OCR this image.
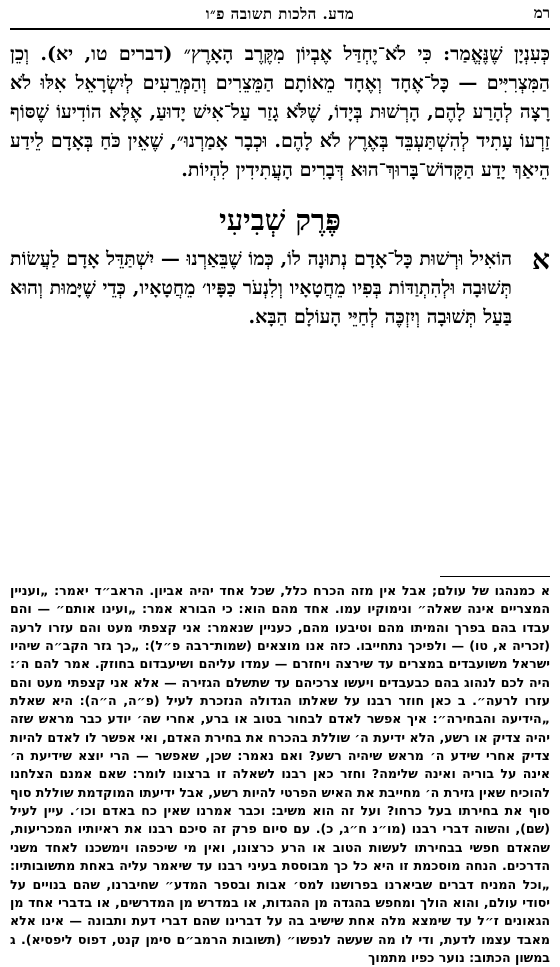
רמ
מדע. הלכות תשובה פ״ו

כְּעִנְיָן שֶׁנֶּאֱמַר: כִּי לֹא־יֶחְדַּל אֶבְיוֹן מִקֶּרֶב הָאָרֶץ״ (דברים טו, יא). וְכֵן הַמִּצְרִיִּים — כָּל־אֶחָד וְאֶחָד מֵאוֹתָם הַמֵּצֵרִים וְהַמְּרֵעִים לְיִשְׂרָאֵל אִלּוּ לֹא רָצָה לְהָרַע לָהֶם, הָרְשׁוּת בְּיָדוֹ, שֶׁלֹּא גָזַר עַל־אִישׁ יָדוּעַ, אֶלָּא הוֹדִיעוֹ שֶׁסּוֹף זַרְעוֹ עָתִיד לְהִשְׁתַּעְבֵּד בְּאֶרֶץ לֹא לָהֶם. וּכְבָר אָמַרְנוּ״, שֶׁאֵין כֹּחַ בְּאָדָם לֵידַע הֵיאַךְ יָדַע הַקָּדוֹשׁ־בָּרוּךְ־הוּא דְּבָרִים הָעֲתִידִין לִהְיוֹת.

פֶּרֶק שְׁבִיעִי
א

הוֹאִיל וּרְשׁוּת כָּל־אָדָם נְתוּנָה לוֹ, כְּמוֹ שֶׁבֵּאַרְנוּ — יִשְׁתַּדֵּל אָדָם לַעֲשׂוֹת תְּשׁוּבָה וּלְהִתְוַדּוֹת בְּפִיו מֵחֲטָאָיו וְלִנְעֹר כַּפָּיו׳ מֵחֲטָאָיו, כְּדֵי שֶׁיָּמוּת וְהוּא בַּעַל תְּשׁוּבָה וְיִזְכֶּה לְחַיֵּי הָעוֹלָם הַבָּא.

א כמנהגו של עולם; אבל אין מזה הכרח כלל, שכל אחד יהיה אביון. הראב״ד יאמר: „ועניין המצריים אינה שאלה״ ונימוקיו עמו. אחד מהם הוא: כי הבורא אמר: „ועינו אותם״ — והם עבדו בהם בפרך והמיתו מהם וטיבעו מהם, כעניין שנאמר: אני קצפתי מעט והם עזרו לרעה (זכריה א, טו) — ולפיכך נתחייבו. כזה אנו מוצאים (שמות־רבה פ״ל): „כך גזר הקב״ה שיהיו ישראל משועבדים במצרים עד שירצה ויחזרם — עמדו עליהם ושיעבדום בחוזק. אמר להם ה׳: היה לכם לנהוג בהם כבעבדים ויעשו צרכיהם עד שתשלם הגזירה — אלא אני קצפתי מעט והם עזרו לרעה״. ב כאן חוזר רבנו על שאלתו הגדולה הנזכרת לעיל (פ״ה, ה״ה): היא שאלת „הידיעה והבחירה״: איך אפשר לאדם לבחור בטוב או ברע, אחרי שה׳ יודע כבר מראש שזה יהיה צדיק או רשע, הלא ידיעת ה׳ שוללת בהכרח את בחירת האדם, ואי אפשר לו לאדם להיות צדיק אחרי שידע ה׳ מראש שיהיה רשע? ואם נאמר: שכן, שאפשר — הרי יוצא שידיעת ה׳ אינה על בוריה ואינה שלימה? וחזר כאן רבנו לשאלה זו ברצונו לומר: שאם אמנם הצלחנו להוכיח שאין גזירת ה׳ מחייבת את האיש הפרטי להיות רשע, אבל ידיעתו המוקדמת שוללת סוף סוף את בחירתו בעל כרחו? ועל זה הוא משיב: וכבר אמרנו שאין כח באדם וכו׳. עיין לעיל (שם), והשוה דברי רבנו (מו״נ ח״ג, כ). עם סיום פרק זה סיכם רבנו את ראיותיו המכריעות, שהאדם חפשי בבחירתו לעשות הטוב או הרע כרצונו, ואין מי שיכפהו וימשכנו לאחד משני הדרכים. הנחה מוסכמת זו היא כל כך מבוססת בעיני רבנו עד שיאמר עליה באחת מתשובותיו: „וכל המניח דברים שביארנו בפרושנו למס׳ אבות ובספר המדע״ שחיברנו, שהם בנויים על יסודי עולם, והוא הולך ומחפש בהגדה מן ההגדות, או במדרש מן המדרשים, או בדברי אחד מן הגאונים ז״ל עד שימצא מלה אחת שישיב בה על דברינו שהם דברי דעת ותבונה — אינו אלא מאבד עצמו לדעת, ודי לו מה שעשה לנפשו״ (תשובות הרמב״ם סימן קנט, דפוס ליפסיא). ג במשון הכתוב: נוער כפיו מתמוך
